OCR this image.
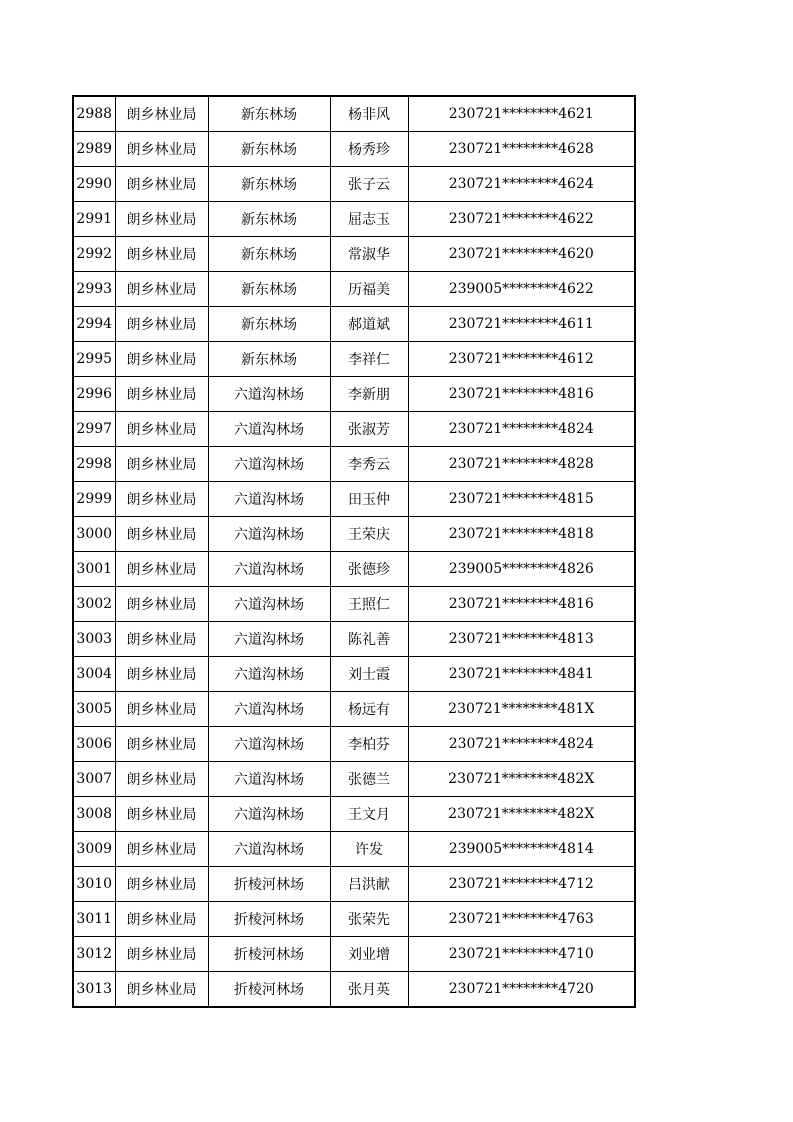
2988	朗乡林业局	新东林场	杨非风	230721********4621
2989	朗乡林业局	新东林场	杨秀珍	230721********4628
2990	朗乡林业局	新东林场	张子云	230721********4624
2991	朗乡林业局	新东林场	屈志玉	230721********4622
2992	朗乡林业局	新东林场	常淑华	230721********4620
2993	朗乡林业局	新东林场	历福美	239005********4622
2994	朗乡林业局	新东林场	郝道斌	230721********4611
2995	朗乡林业局	新东林场	李祥仁	230721********4612
2996	朗乡林业局	六道沟林场	李新朋	230721********4816
2997	朗乡林业局	六道沟林场	张淑芳	230721********4824
2998	朗乡林业局	六道沟林场	李秀云	230721********4828
2999	朗乡林业局	六道沟林场	田玉仲	230721********4815
3000	朗乡林业局	六道沟林场	王荣庆	230721********4818
3001	朗乡林业局	六道沟林场	张德珍	239005********4826
3002	朗乡林业局	六道沟林场	王照仁	230721********4816
3003	朗乡林业局	六道沟林场	陈礼善	230721********4813
3004	朗乡林业局	六道沟林场	刘士霞	230721********4841
3005	朗乡林业局	六道沟林场	杨远有	230721********481X
3006	朗乡林业局	六道沟林场	李柏芬	230721********4824
3007	朗乡林业局	六道沟林场	张德兰	230721********482X
3008	朗乡林业局	六道沟林场	王文月	230721********482X
3009	朗乡林业局	六道沟林场	许发	239005********4814
3010	朗乡林业局	折棱河林场	吕洪献	230721********4712
3011	朗乡林业局	折棱河林场	张荣先	230721********4763
3012	朗乡林业局	折棱河林场	刘业增	230721********4710
3013	朗乡林业局	折棱河林场	张月英	230721********4720
